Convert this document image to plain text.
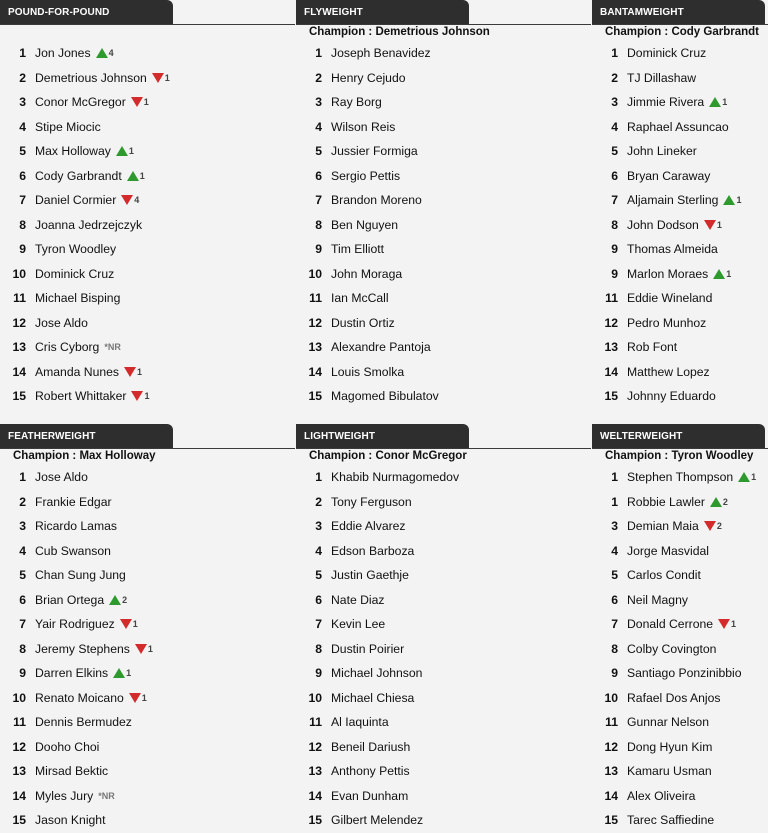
POUND-FOR-POUND
1 Jon Jones 4
2 Demetrious Johnson 1
3 Conor McGregor 1
4 Stipe Miocic
5 Max Holloway 1
6 Cody Garbrandt 1
7 Daniel Cormier 4
8 Joanna Jedrzejczyk
9 Tyron Woodley
10 Dominick Cruz
11 Michael Bisping
12 Jose Aldo
13 Cris Cyborg *NR
14 Amanda Nunes 1
15 Robert Whittaker 1
FLYWEIGHT
Champion : Demetrious Johnson
1 Joseph Benavidez
2 Henry Cejudo
3 Ray Borg
4 Wilson Reis
5 Jussier Formiga
6 Sergio Pettis
7 Brandon Moreno
8 Ben Nguyen
9 Tim Elliott
10 John Moraga
11 Ian McCall
12 Dustin Ortiz
13 Alexandre Pantoja
14 Louis Smolka
15 Magomed Bibulatov
BANTAMWEIGHT
Champion : Cody Garbrandt
1 Dominick Cruz
2 TJ Dillashaw
3 Jimmie Rivera 1
4 Raphael Assuncao
5 John Lineker
6 Bryan Caraway
7 Aljamain Sterling 1
8 John Dodson 1
9 Thomas Almeida
9 Marlon Moraes 1
11 Eddie Wineland
12 Pedro Munhoz
13 Rob Font
14 Matthew Lopez
15 Johnny Eduardo
FEATHERWEIGHT
Champion : Max Holloway
1 Jose Aldo
2 Frankie Edgar
3 Ricardo Lamas
4 Cub Swanson
5 Chan Sung Jung
6 Brian Ortega 2
7 Yair Rodriguez 1
8 Jeremy Stephens 1
9 Darren Elkins 1
10 Renato Moicano 1
11 Dennis Bermudez
12 Dooho Choi
13 Mirsad Bektic
14 Myles Jury *NR
15 Jason Knight
LIGHTWEIGHT
Champion : Conor McGregor
1 Khabib Nurmagomedov
2 Tony Ferguson
3 Eddie Alvarez
4 Edson Barboza
5 Justin Gaethje
6 Nate Diaz
7 Kevin Lee
8 Dustin Poirier
9 Michael Johnson
10 Michael Chiesa
11 Al Iaquinta
12 Beneil Dariush
13 Anthony Pettis
14 Evan Dunham
15 Gilbert Melendez
WELTERWEIGHT
Champion : Tyron Woodley
1 Stephen Thompson 1
1 Robbie Lawler 2
3 Demian Maia 2
4 Jorge Masvidal
5 Carlos Condit
6 Neil Magny
7 Donald Cerrone 1
8 Colby Covington
9 Santiago Ponzinibbio
10 Rafael Dos Anjos
11 Gunnar Nelson
12 Dong Hyun Kim
13 Kamaru Usman
14 Alex Oliveira
15 Tarec Saffiedine
